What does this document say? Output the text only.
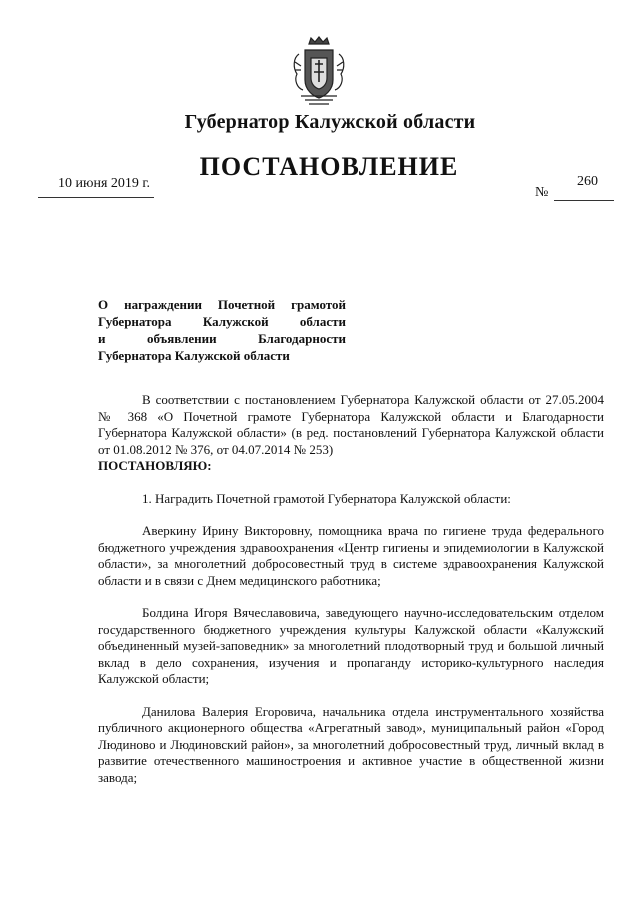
Губернатор Калужской области
ПОСТАНОВЛЕНИЕ
10 июня 2019 г.
№
260
О награждении Почетной грамотой
Губернатора Калужской области
и объявлении Благодарности
Губернатора Калужской области

В соответствии с постановлением Губернатора Калужской области от 27.05.2004 № 368 «О Почетной грамоте Губернатора Калужской области и Благодарности Губернатора Калужской области» (в ред. постановлений Губернатора Калужской области от 01.08.2012 № 376, от 04.07.2014 № 253)

ПОСТАНОВЛЯЮ:

1. Наградить Почетной грамотой Губернатора Калужской области:

Аверкину Ирину Викторовну, помощника врача по гигиене труда федерального бюджетного учреждения здравоохранения «Центр гигиены и эпидемиологии в Калужской области», за многолетний добросовестный труд в системе здравоохранения Калужской области и в связи с Днем медицинского работника;

Болдина Игоря Вячеславовича, заведующего научно-исследовательским отделом государственного бюджетного учреждения культуры Калужской области «Калужский объединенный музей-заповедник» за многолетний плодотворный труд и большой личный вклад в дело сохранения, изучения и пропаганду историко-культурного наследия Калужской области;

Данилова Валерия Егоровича, начальника отдела инструментального хозяйства публичного акционерного общества «Агрегатный завод», муниципальный район «Город Людиново и Людиновский район», за многолетний добросовестный труд, личный вклад в развитие отечественного машиностроения и активное участие в общественной жизни завода;
